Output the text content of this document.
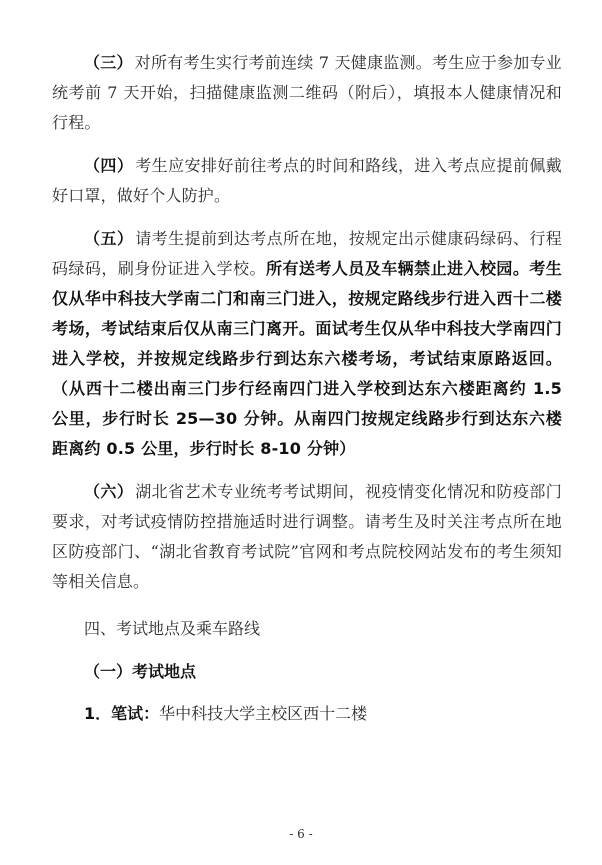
（三） 对所有考生实行考前连续 7 天健康监测。考生应于参加专业统考前 7 天开始，扫描健康监测二维码（附后），填报本人健康情况和行程。

（四） 考生应安排好前往考点的时间和路线，进入考点应提前佩戴好口罩，做好个人防护。

（五） 请考生提前到达考点所在地，按规定出示健康码绿码、行程码绿码，刷身份证进入学校。所有送考人员及车辆禁止进入校园。考生仅从华中科技大学南二门和南三门进入，按规定路线步行进入西十二楼考场，考试结束后仅从南三门离开。面试考生仅从华中科技大学南四门进入学校，并按规定线路步行到达东六楼考场，考试结束原路返回。（从西十二楼出南三门步行经南四门进入学校到达东六楼距离约 1.5 公里，步行时长 25—30 分钟。从南四门按规定线路步行到达东六楼距离约 0.5 公里，步行时长 8-10 分钟）

（六） 湖北省艺术专业统考考试期间，视疫情变化情况和防疫部门要求，对考试疫情防控措施适时进行调整。请考生及时关注考点所在地区防疫部门、“湖北省教育考试院”官网和考点院校网站发布的考生须知等相关信息。

四、考试地点及乘车路线

（一）考试地点

1．笔试：华中科技大学主校区西十二楼

- 6 -
